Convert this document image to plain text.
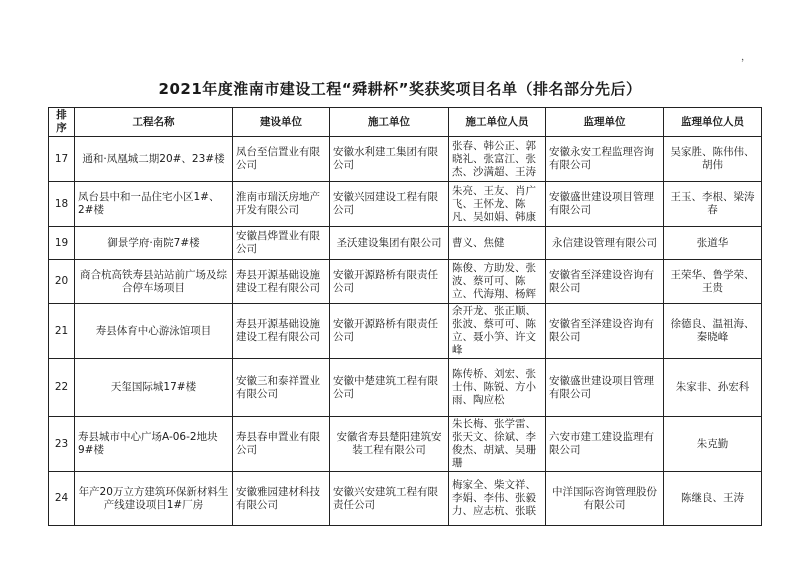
，
2021年度淮南市建设工程“舜耕杯”奖获奖项目名单（排名部分先后）
排序	工程名称	建设单位	施工单位	施工单位人员	监理单位	监理单位人员
17	通和·凤凰城二期20#、23#楼	凤台至信置业有限公司	安徽水利建工集团有限公司	张春、韩公正、郭晓礼、张富江、张杰、沙满超、王涛	安徽永安工程监理咨询有限公司	吴家胜、陈伟伟、胡伟
18	凤台县中和一品住宅小区1#、2#楼	淮南市瑞沃房地产开发有限公司	安徽兴园建设工程有限公司	朱亮、王友、肖广飞、王怀龙、陈凡、吴如娟、韩康	安徽盛世建设项目管理有限公司	王玉、李根、梁涛春
19	御景学府·南院7#楼	安徽昌烨置业有限公司	圣沃建设集团有限公司	曹义、焦健	永信建设管理有限公司	张道华
20	商合杭高铁寿县站站前广场及综合停车场项目	寿县开源基础设施建设工程有限公司	安徽开源路桥有限责任公司	陈俊、方助发、张波、蔡可可、陈立、代海翔、杨辉	安徽省至泽建设咨询有限公司	王荣华、鲁学荣、王贵
21	寿县体育中心游泳馆项目	寿县开源基础设施建设工程有限公司	安徽开源路桥有限责任公司	余开龙、张正顺、张波、蔡可可、陈立、聂小笋、许文峰	安徽省至泽建设咨询有限公司	徐德良、温祖海、秦晓峰
22	天玺国际城17#楼	安徽三和泰祥置业有限公司	安徽中楚建筑工程有限公司	陈传桥、刘宏、张士伟、陈锐、方小雨、陶应松	安徽盛世建设项目管理有限公司	朱家非、孙宏科
23	寿县城市中心广场A-06-2地块9#楼	寿县春申置业有限公司	安徽省寿县楚阳建筑安装工程有限公司	朱长梅、张学雷、张天文、徐斌、李俊杰、胡斌、吴珊珊	六安市建工建设监理有限公司	朱克勤
24	年产20万立方建筑环保新材料生产线建设项目1#厂房	安徽雅园建材科技有限公司	安徽兴安建筑工程有限责任公司	梅家全、柴文祥、李娟、李伟、张毅力、应志杭、张联	中洋国际咨询管理股份有限公司	陈继良、王涛
